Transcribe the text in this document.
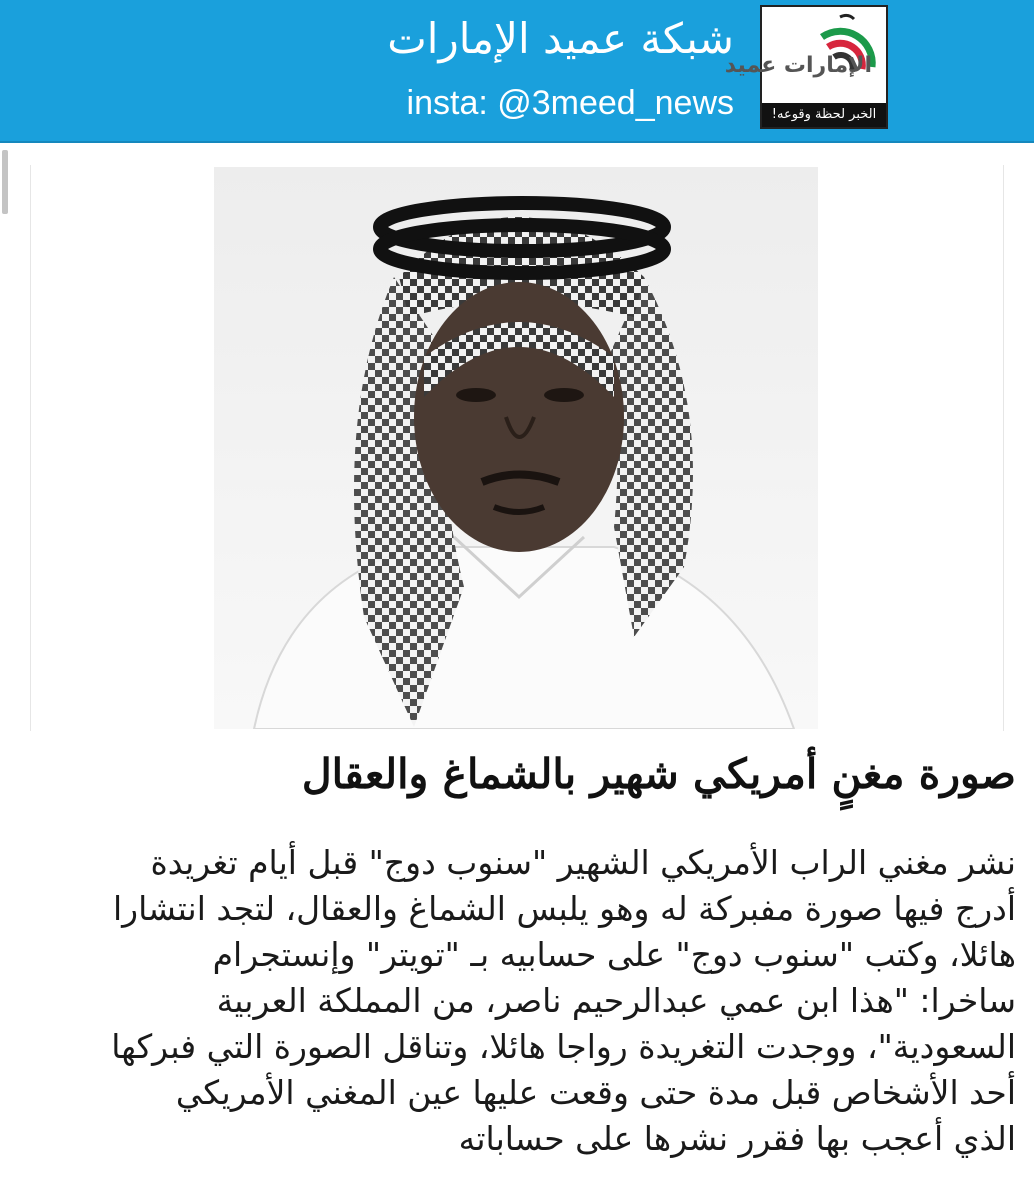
شبكة عميد الإمارات
insta: @3meed_news
الإمارات عميد
الخبر لحظة وقوعه!
صورة مغنٍ أمريكي شهير بالشماغ والعقال
نشر مغني الراب الأمريكي الشهير "سنوب دوج" قبل أيام تغريدة
أدرج فيها صورة مفبركة له وهو يلبس الشماغ والعقال، لتجد انتشارا
هائلا، وكتب "سنوب دوج" على حسابيه بـ "تويتر" وإنستجرام
ساخرا: "هذا ابن عمي عبدالرحيم ناصر، من المملكة العربية
السعودية"، ووجدت التغريدة رواجا هائلا، وتناقل الصورة التي فبركها
أحد الأشخاص قبل مدة حتى وقعت عليها عين المغني الأمريكي
الذي أعجب بها فقرر نشرها على حساباته
